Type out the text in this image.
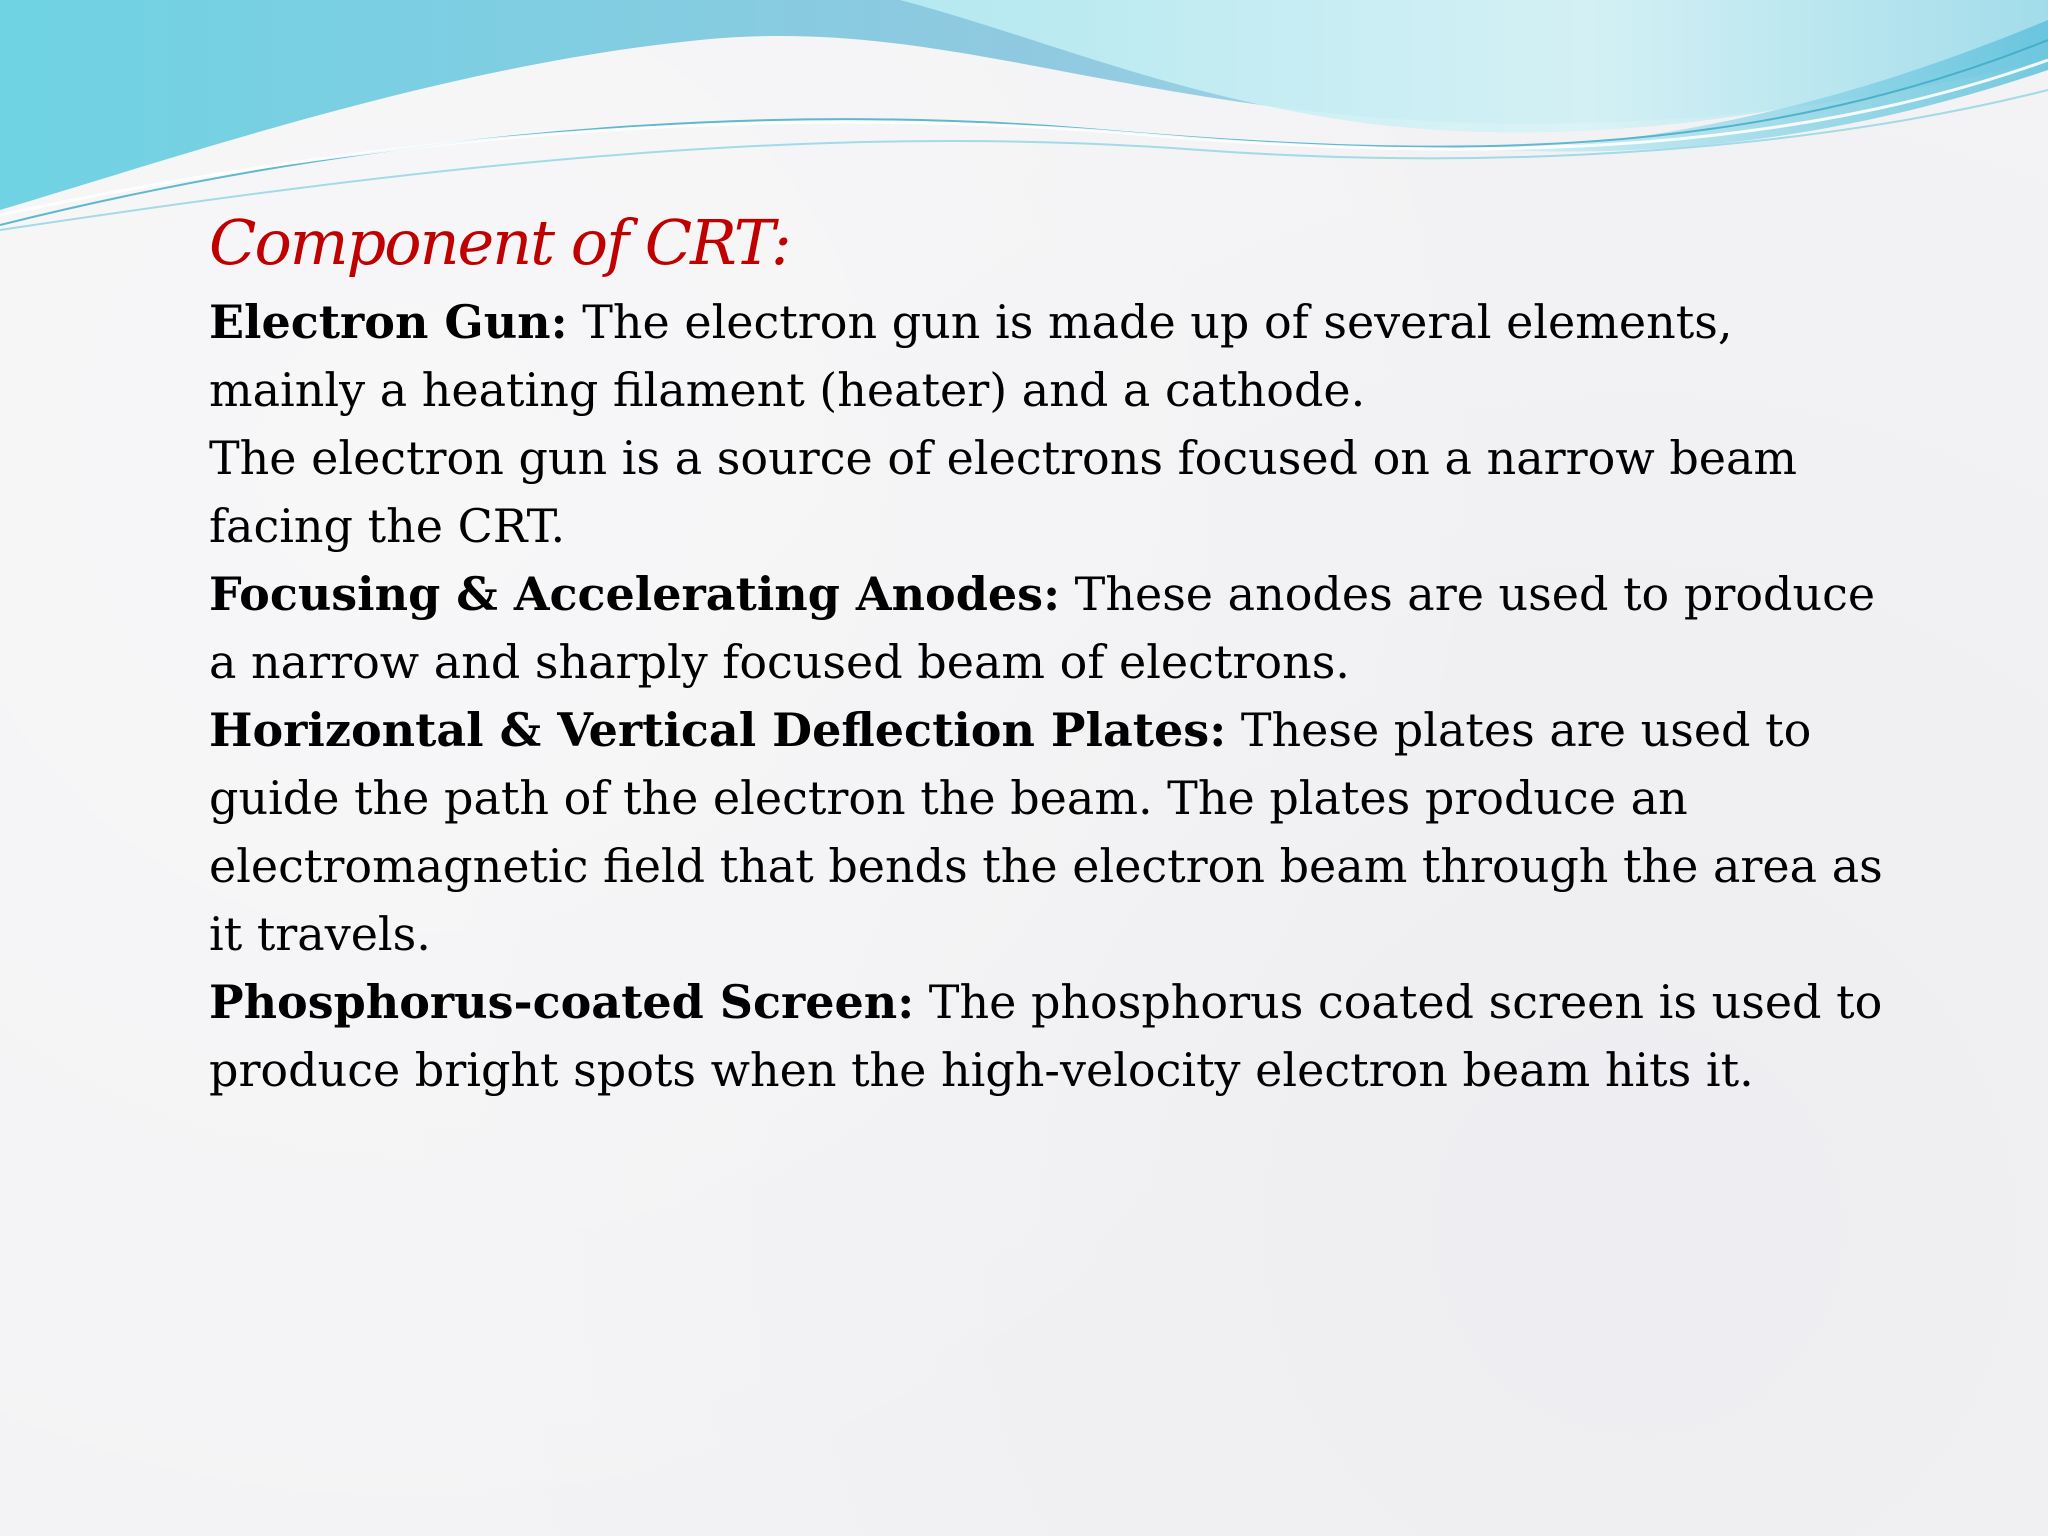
Component of CRT:

Electron Gun: The electron gun is made up of several elements, mainly a heating filament (heater) and a cathode.

The electron gun is a source of electrons focused on a narrow beam facing the CRT.

Focusing & Accelerating Anodes: These anodes are used to produce a narrow and sharply focused beam of electrons.

Horizontal & Vertical Deflection Plates: These plates are used to guide the path of the electron the beam. The plates produce an electromagnetic field that bends the electron beam through the area as it travels.

Phosphorus-coated Screen: The phosphorus coated screen is used to produce bright spots when the high-velocity electron beam hits it.
